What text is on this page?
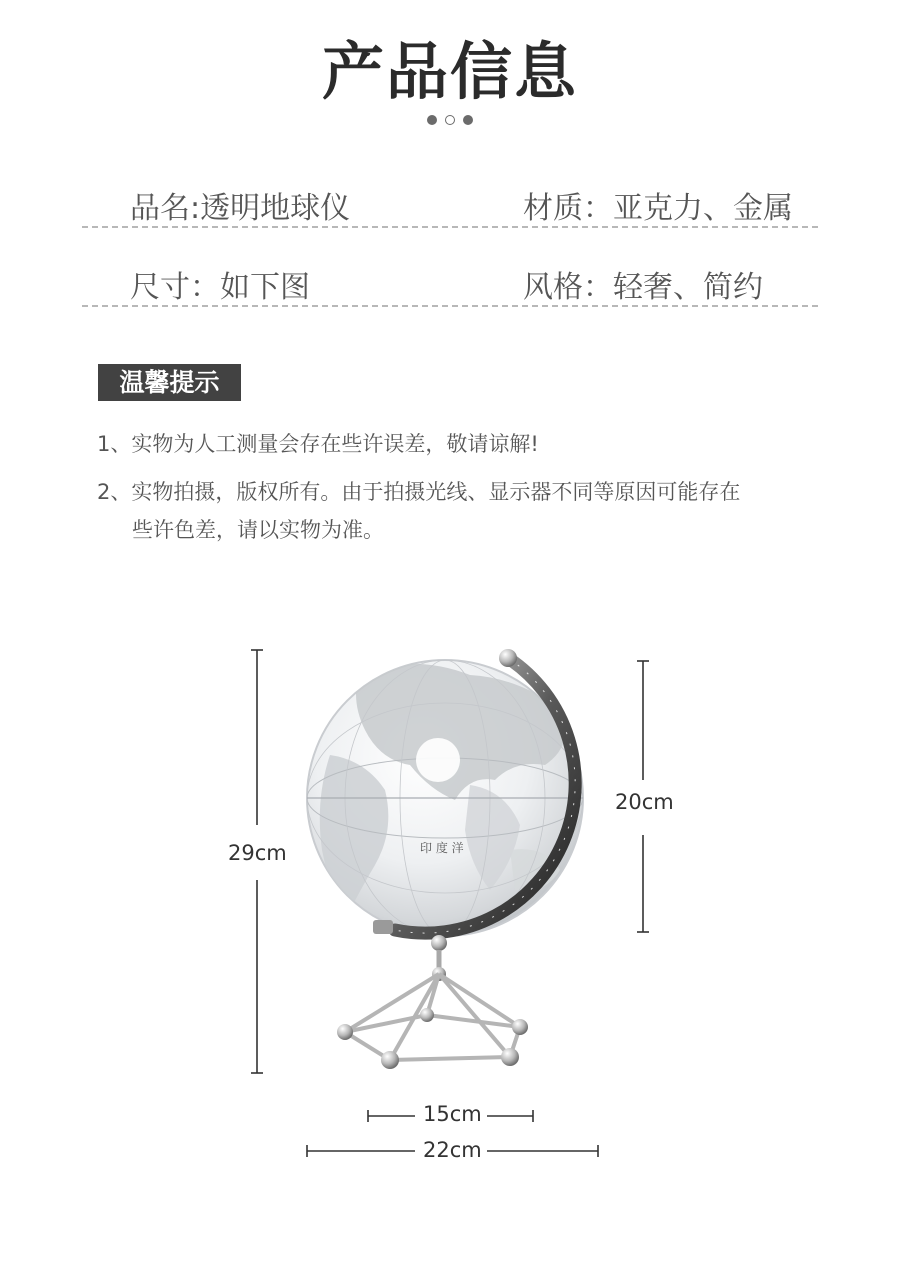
产品信息
品名:透明地球仪	材质：亚克力、金属
尺寸：如下图	风格：轻奢、简约
温馨提示
1、实物为人工测量会存在些许误差，敬请谅解!
2、实物拍摄，版权所有。由于拍摄光线、显示器不同等原因可能存在
些许色差，请以实物为准。
印 度 洋
29cm
20cm
15cm
22cm
